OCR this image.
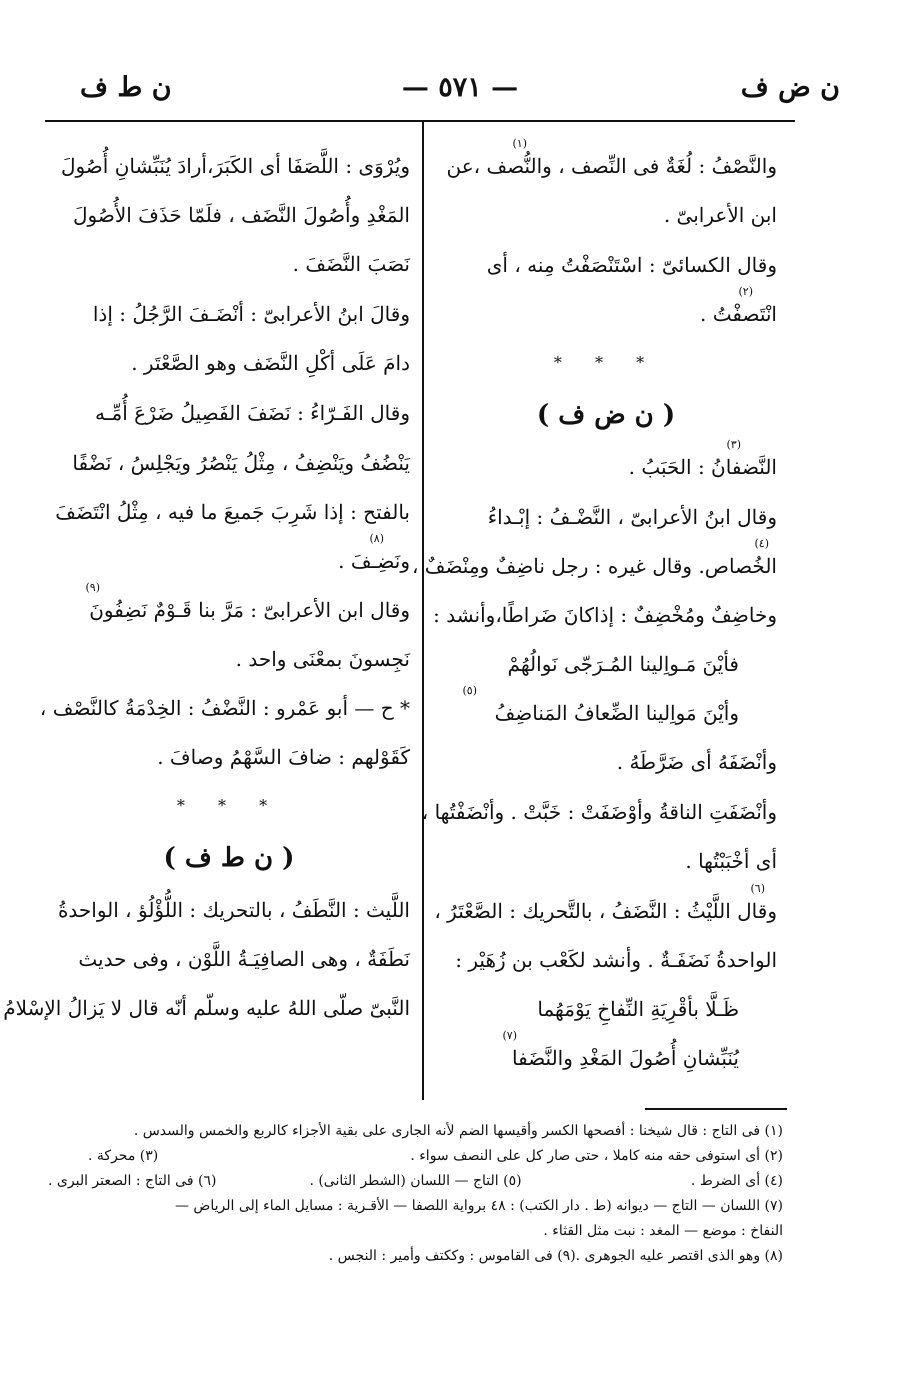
ن ض ف
— ٥٧١ —
ن ط ف
والنَّصْفُ : لُغَةٌ فى النِّصف ، والنُّصف ،عن
(١)
ابن الأعرابىّ .
وقال الكسائىّ : اسْتَنْصَفْتُ مِنه ، أى
انْتَصفْتُ .
(٢)
* * *
( ن ض ف )
النَّضفانُ : الحَبَبُ .
(٣)
وقال ابنُ الأعرابىّ ، النَّضْـفُ : إبْـداءُ
الخُصاص. وقال غيره : رجل ناضِفٌ ومِنْضَفٌ ،
(٤)
وخاضِفٌ ومُخْضِفٌ : إذاكانَ ضَراطًا،وأنشد :
فأيْنَ مَـواِلينا المُـرَجّى نَوالُهُمْ
وأيْنَ مَواِلينا الضِّعافُ المَناضِفُ
(٥)
وأنْضَفَهُ أى ضَرَّطَهُ .
وأنْضَفَتِ الناقةُ وأوْضَفَتْ : خَبَّتْ . وأنْضَفْتُها ،
أى أخْبَبْتُها .
وقال اللَّيْثُ : النَّضَفُ ، بالتَّحريك : الصَّعْتَرُ ،
(٦)
الواحدةُ نَضَفَـةٌ . وأنشد لكَعْب بن زُهَيْر :
ظَـلَّا بأقْرِيَةِ النِّفاخِ يَوْمَهُما
يُنَبِّشانِ أُصُولَ المَغْدِ والنَّضَفا
(٧)
ويُرْوَى : اللَّصَفَا أى الكَبَرَ،أرادَ يُنَبِّشانِ أُصُولَ
المَغْدِ وأُصُولَ النَّضَف ، فلَمّا حَذَفَ الأُصُولَ
نَصَبَ النَّضَفَ .
وقالَ ابنُ الأعرابىّ : أنْضَـفَ الرَّجُلُ : إذا
دامَ عَلَى أكْلِ النَّضَف وهو الصَّعْتَر .
وقال الفَـرّاءُ : نَضَفَ الفَصِيلُ ضَرْعَ أُمِّـه
يَنْضُفُ ويَنْضِفُ ، مِثْلُ يَنْصُرُ ويَجْلِسُ ، نَضْفًا
بالفتح : إذا شَرِبَ جَميعَ ما فيه ، مِثْلُ انْتَضَفَ
ونَضِـفَ .
(٨)
وقال ابن الأعرابىّ : مَرَّ بنا قَـوْمٌ نَضِفُونَ
(٩)
نَجِسونَ بمعْنَى واحد .
* ح — أبو عَمْرو : النَّضْفُ : الخِدْمَةُ كالنَّصْف ،
كَقَوْلهم : ضافَ السَّهْمُ وصافَ .
* * *
( ن ط ف )
اللَّيث : النَّطَفُ ، بالتحريك : اللُّؤْلُؤ ، الواحدةُ
نَطَفَةٌ ، وهى الصافِيَـةُ اللَّوْن ، وفى حديث
النَّبىّ صلّى اللهُ عليه وسلّم أنّه قال لا يَزالُ الإسْلامُ
(١) فى التاج : قال شيخنا : أفصحها الكسر وأقيسها الضم لأنه الجارى على بقية الأجزاء كالربع والخمس والسدس .
(٢) أى استوفى حقه منه كاملا ، حتى صار كل على النصف سواء .
(٣) محركة .
(٤) أى الضرط .
(٥) التاج — اللسان (الشطر الثانى) .
(٦) فى التاج : الصعتر البرى .
(٧) اللسان — التاج — ديوانه (ط . دار الكتب) : ٤٨ برواية اللصفا — الأقـرية : مسايل الماء إلى الرياض —
النفاخ : موضع — المغد : نبت مثل القثاء .
(٨) وهو الذى اقتصر عليه الجوهرى .
(٩) فى القاموس : وككتف وأمير : النجس .
